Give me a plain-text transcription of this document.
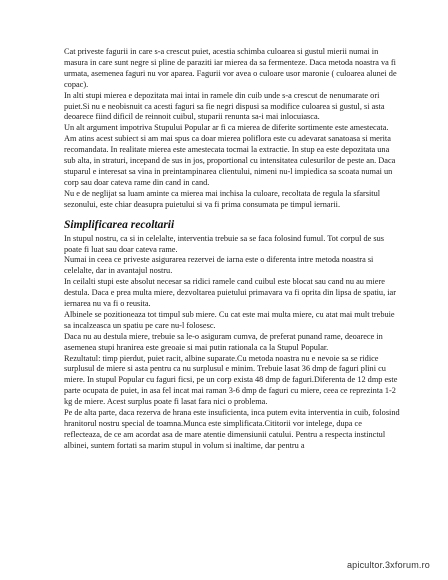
Cat priveste fagurii in care s-a crescut puiet, acestia schimba culoarea si gustul mierii numai in masura in care sunt negre si pline de paraziti iar mierea da sa fermenteze. Daca metoda noastra va fi urmata, asemenea faguri nu vor aparea. Fagurii vor avea o culoare usor maronie ( culoarea alunei de copac).

In alti stupi mierea e depozitata mai intai in ramele din cuib unde s-a crescut de nenumarate ori puiet.Si nu e neobisnuit ca acesti faguri sa fie negri dispusi sa modifice culoarea si gustul, si asta deoarece fiind dificil de reinnoit cuibul, stuparii renunta sa-i mai inlocuiasca.

Un alt argument impotriva Stupului Popular ar fi ca mierea de diferite sortimente este amestecata.

Am atins acest subiect si am mai spus ca doar mierea poliflora este cu adevarat sanatoasa si merita recomandata. In realitate mierea este amestecata tocmai la extractie. In stup ea este depozitata una sub alta, in straturi, incepand de sus in jos, proportional cu intensitatea culesurilor de peste an. Daca stuparul e interesat sa vina in preintampinarea clientului, nimeni nu-l impiedica sa scoata numai un corp sau doar cateva rame din cand in cand.

Nu e de neglijat sa luam aminte ca mierea mai inchisa la culoare, recoltata de regula la sfarsitul sezonului, este chiar deasupra puietului si va fi prima consumata pe timpul iernarii.

Simplificarea recoltarii

In stupul nostru, ca si in celelalte, interventia trebuie sa se faca folosind fumul. Tot corpul de sus poate fi luat sau doar cateva rame.

Numai in ceea ce priveste asigurarea rezervei de iarna este o diferenta intre metoda noastra si celelalte, dar in avantajul nostru.

In ceilalti stupi este absolut necesar sa ridici ramele cand cuibul este blocat sau cand nu au miere destula. Daca e prea multa miere, dezvoltarea puietului primavara va fi oprita din lipsa de spatiu, iar iernarea nu va fi o reusita.

Albinele se pozitioneaza tot timpul sub miere. Cu cat este mai multa miere, cu atat mai mult trebuie sa incalzeasca un spatiu pe care nu-l folosesc.

Daca nu au destula miere, trebuie sa le-o asiguram cumva, de preferat punand rame, deoarece in asemenea stupi hranirea este greoaie si mai putin rationala ca la Stupul Popular.

Rezultatul: timp pierdut, puiet racit, albine suparate.Cu metoda noastra nu e nevoie sa se ridice surplusul de miere si asta pentru ca nu surplusul e minim. Trebuie lasat 36 dmp de faguri plini cu miere. In stupul Popular cu faguri ficsi, pe un corp exista 48 dmp de faguri.Diferenta de 12 dmp este parte ocupata de puiet, in asa fel incat mai raman 3-6 dmp de faguri cu miere, ceea ce reprezinta 1-2 kg de miere. Acest surplus poate fi lasat fara nici o problema.

Pe de alta parte, daca rezerva de hrana este insuficienta, inca putem evita interventia in cuib, folosind hranitorul nostru special de toamna.Munca este simplificata.Cititorii vor intelege, dupa ce reflecteaza, de ce am acordat asa de mare atentie dimensiunii catului. Pentru a respecta instinctul albinei, suntem fortati sa marim stupul in volum si inaltime, dar pentru a

apicultor.3xforum.ro
